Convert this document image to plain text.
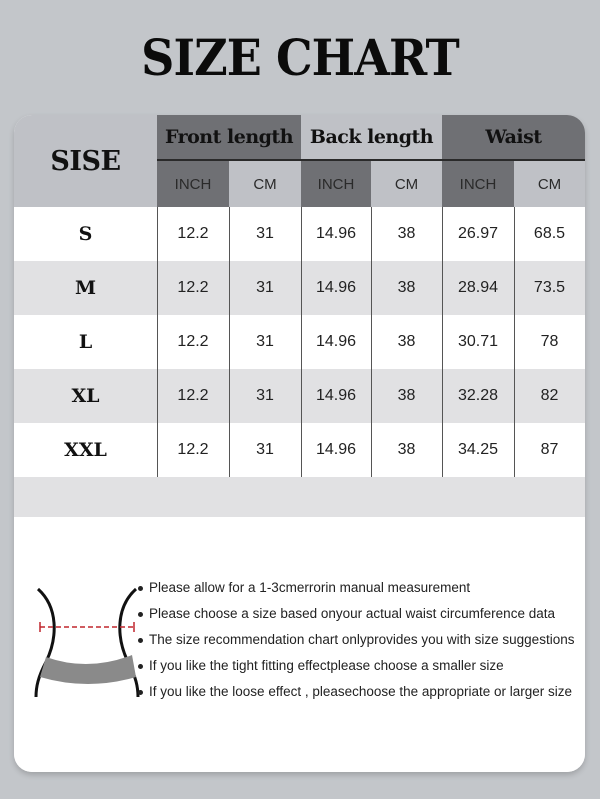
SIZE CHART
SISE
Front length
INCH	CM
Back length
INCH	CM
Waist
INCH	CM
S	12.2	31	14.96	38	26.97	68.5
M	12.2	31	14.96	38	28.94	73.5
L	12.2	31	14.96	38	30.71	78
XL	12.2	31	14.96	38	32.28	82
XXL	12.2	31	14.96	38	34.25	87
Please allow for a 1-3cmerrorin manual measurement
Please choose a size based onyour actual waist circumference data
The size recommendation chart onlyprovides you with size suggestions
If you like the tight fitting effectplease choose a smaller size
If you like the loose effect , pleasechoose the appropriate or larger size
